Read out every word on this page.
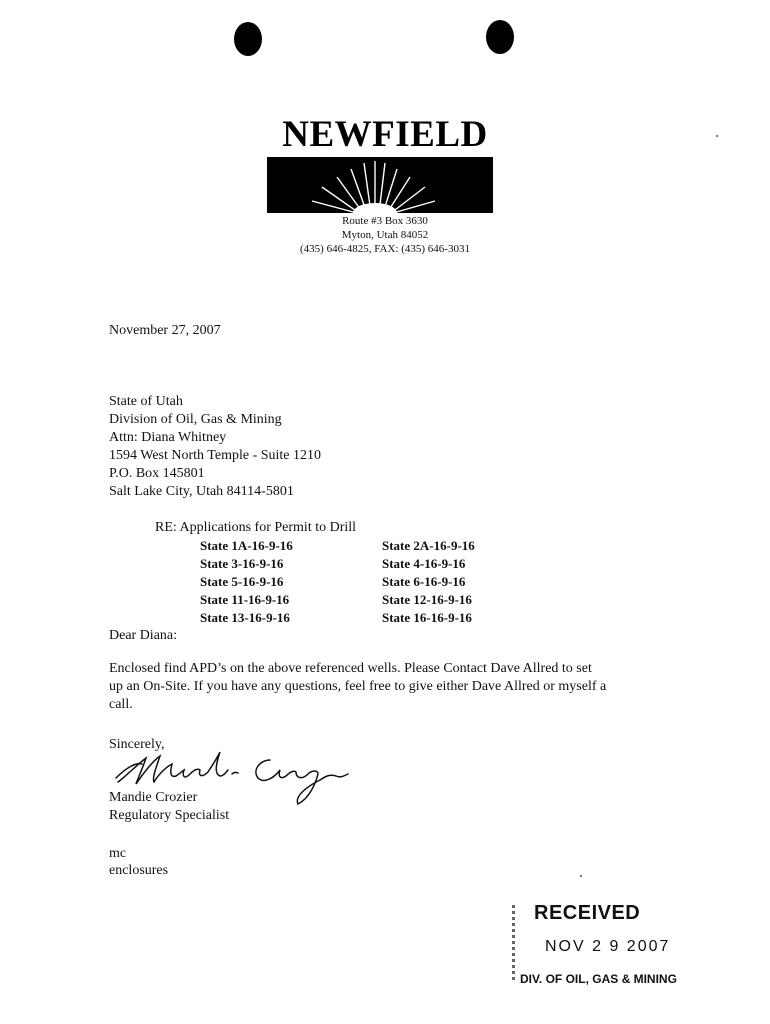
NEWFIELD
Route #3 Box 3630
Myton, Utah 84052
(435) 646-4825, FAX: (435) 646-3031
November 27, 2007
State of Utah
Division of Oil, Gas & Mining
Attn: Diana Whitney
1594 West North Temple - Suite 1210
P.O. Box 145801
Salt Lake City, Utah 84114-5801
RE: Applications for Permit to Drill
State 1A-16-9-16
State 3-16-9-16
State 5-16-9-16
State 11-16-9-16
State 13-16-9-16
State 2A-16-9-16
State 4-16-9-16
State 6-16-9-16
State 12-16-9-16
State 16-16-9-16
Dear Diana:
Enclosed find APD’s on the above referenced wells. Please Contact Dave Allred to set
up an On-Site. If you have any questions, feel free to give either Dave Allred or myself a
call.
Sincerely,
Mandie Crozier
Regulatory Specialist
mc
enclosures
RECEIVED
NOV 2 9 2007
DIV. OF OIL, GAS & MINING
